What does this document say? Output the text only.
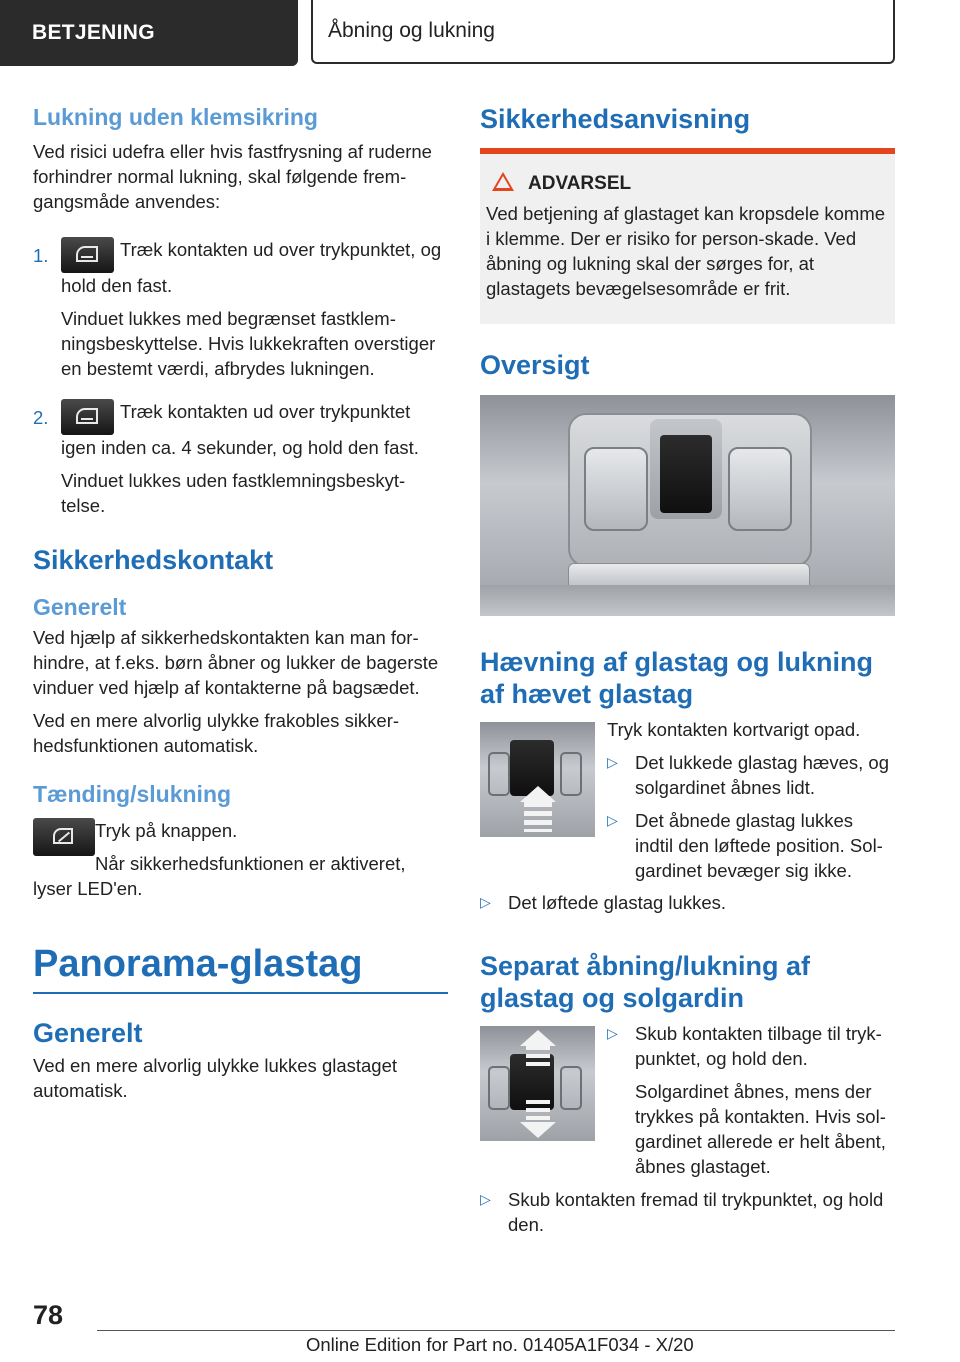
BETJENING	Åbning og lukning
Lukning uden klemsikring

Ved risici udefra eller hvis fastfrysning af ruderne forhindrer normal lukning, skal følgende frem-gangsmåde anvendes:

1.	Træk kontakten ud over trykpunktet, og hold den fast.

Vinduet lukkes med begrænset fastklem-ningsbeskyttelse. Hvis lukkekraften overstiger en bestemt værdi, afbrydes lukningen.

2.	Træk kontakten ud over trykpunktet igen inden ca. 4 sekunder, og hold den fast.

Vinduet lukkes uden fastklemningsbeskyt-telse.

Sikkerhedskontakt
Generelt

Ved hjælp af sikkerhedskontakten kan man for-hindre, at f.eks. børn åbner og lukker de bagerste vinduer ved hjælp af kontakterne på bagsædet.

Ved en mere alvorlig ulykke frakobles sikker-hedsfunktionen automatisk.

Tænding/slukning

Tryk på knappen.

Når sikkerhedsfunktionen er aktiveret, lyser LED'en.

Panorama-glastag
Generelt

Ved en mere alvorlig ulykke lukkes glastaget automatisk.

Sikkerhedsanvisning
ADVARSEL

Ved betjening af glastaget kan kropsdele komme i klemme. Der er risiko for person-skade. Ved åbning og lukning skal der sørges for, at glastagets bevægelsesområde er frit.

Oversigt
Hævning af glastag og lukning af hævet glastag

Tryk kontakten kortvarigt opad.

▷ Det lukkede glastag hæves, og solgardinet åbnes lidt.
▷ Det åbnede glastag lukkes indtil den løftede position. Sol-gardinet bevæger sig ikke.
▷ Det løftede glastag lukkes.
Separat åbning/lukning af glastag og solgardin
▷ Skub kontakten tilbage til tryk-punktet, og hold den.

Solgardinet åbnes, mens der trykkes på kontakten. Hvis sol-gardinet allerede er helt åbent, åbnes glastaget.

▷ Skub kontakten fremad til trykpunktet, og hold den.
78
Online Edition for Part no. 01405A1F034 - X/20
